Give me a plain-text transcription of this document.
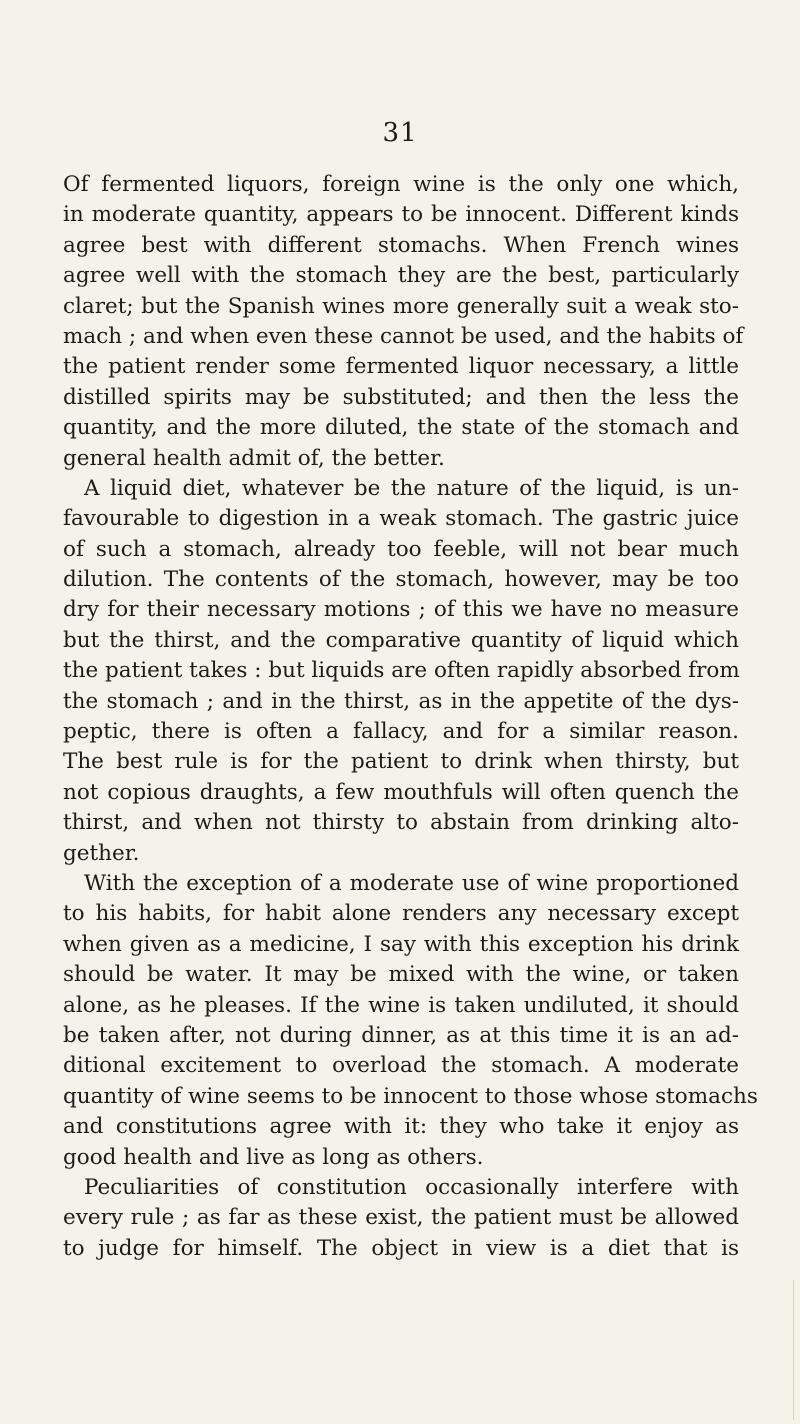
31
Of fermented liquors, foreign wine is the only one which,
in moderate quantity, appears to be innocent. Different kinds
agree best with different stomachs. When French wines
agree well with the stomach they are the best, particularly
claret; but the Spanish wines more generally suit a weak sto-
mach ; and when even these cannot be used, and the habits of
the patient render some fermented liquor necessary, a little
distilled spirits may be substituted; and then the less the
quantity, and the more diluted, the state of the stomach and
general health admit of, the better.
A liquid diet, whatever be the nature of the liquid, is un-
favourable to digestion in a weak stomach. The gastric juice
of such a stomach, already too feeble, will not bear much
dilution. The contents of the stomach, however, may be too
dry for their necessary motions ; of this we have no measure
but the thirst, and the comparative quantity of liquid which
the patient takes : but liquids are often rapidly absorbed from
the stomach ; and in the thirst, as in the appetite of the dys-
peptic, there is often a fallacy, and for a similar reason.
The best rule is for the patient to drink when thirsty, but
not copious draughts, a few mouthfuls will often quench the
thirst, and when not thirsty to abstain from drinking alto-
gether.
With the exception of a moderate use of wine proportioned
to his habits, for habit alone renders any necessary except
when given as a medicine, I say with this exception his drink
should be water. It may be mixed with the wine, or taken
alone, as he pleases. If the wine is taken undiluted, it should
be taken after, not during dinner, as at this time it is an ad-
ditional excitement to overload the stomach. A moderate
quantity of wine seems to be innocent to those whose stomachs
and constitutions agree with it: they who take it enjoy as
good health and live as long as others.
Peculiarities of constitution occasionally interfere with
every rule ; as far as these exist, the patient must be allowed
to judge for himself. The object in view is a diet that is
